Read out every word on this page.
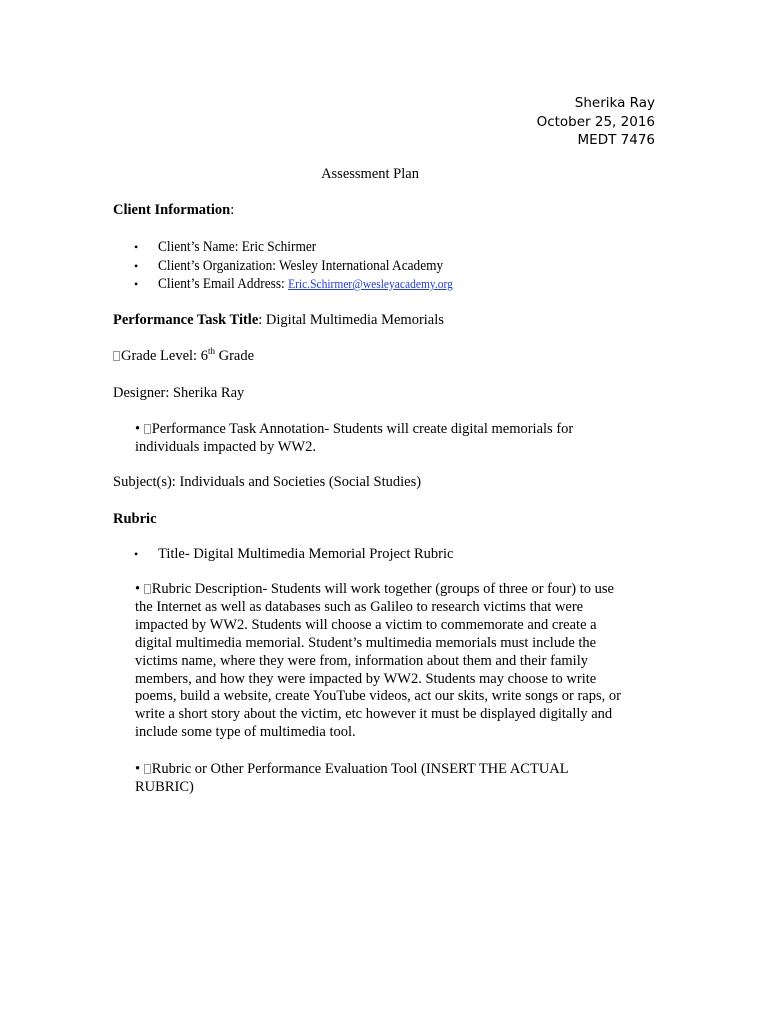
Sherika Ray
October 25, 2016
MEDT 7476
Assessment Plan
Client Information:
• Client’s Name: Eric Schirmer
• Client’s Organization: Wesley International Academy
• Client’s Email Address: Eric.Schirmer@wesleyacademy.org
Performance Task Title: Digital Multimedia Memorials
Grade Level: 6th Grade
Designer: Sherika Ray
• Performance Task Annotation- Students will create digital memorials for individuals impacted by WW2.
Subject(s): Individuals and Societies (Social Studies)
Rubric
• Title- Digital Multimedia Memorial Project Rubric
• Rubric Description- Students will work together (groups of three or four) to use the Internet as well as databases such as Galileo to research victims that were impacted by WW2. Students will choose a victim to commemorate and create a digital multimedia memorial. Student’s multimedia memorials must include the victims name, where they were from, information about them and their family members, and how they were impacted by WW2. Students may choose to write poems, build a website, create YouTube videos, act our skits, write songs or raps, or write a short story about the victim, etc however it must be displayed digitally and include some type of multimedia tool.
• Rubric or Other Performance Evaluation Tool (INSERT THE ACTUAL RUBRIC)
